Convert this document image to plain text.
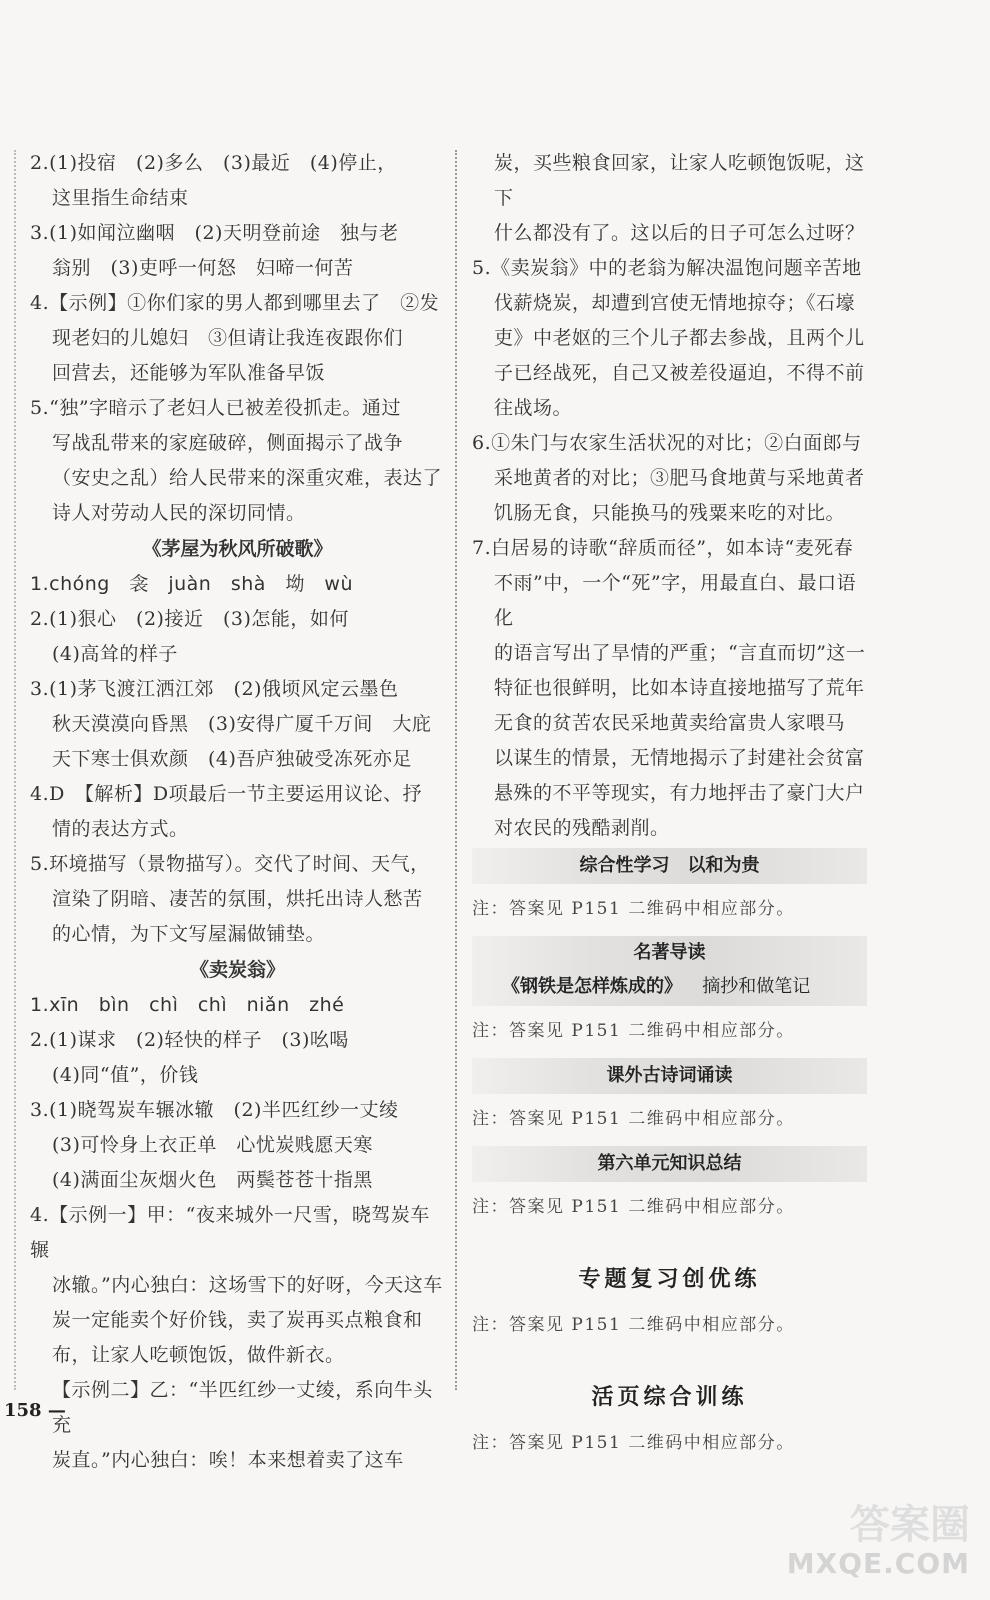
2.(1)投宿　(2)多么　(3)最近　(4)停止，

这里指生命结束

3.(1)如闻泣幽咽　(2)天明登前途　独与老

翁别　(3)吏呼一何怒　妇啼一何苦

4.【示例】①你们家的男人都到哪里去了　②发

现老妇的儿媳妇　③但请让我连夜跟你们

回营去，还能够为军队准备早饭

5.“独”字暗示了老妇人已被差役抓走。通过

写战乱带来的家庭破碎，侧面揭示了战争

（安史之乱）给人民带来的深重灾难，表达了

诗人对劳动人民的深切同情。

《茅屋为秋风所破歌》

1.chóng　衾　juàn　shà　坳　wù

2.(1)狠心　(2)接近　(3)怎能，如何

(4)高耸的样子

3.(1)茅飞渡江洒江郊　(2)俄顷风定云墨色

秋天漠漠向昏黑　(3)安得广厦千万间　大庇

天下寒士俱欢颜　(4)吾庐独破受冻死亦足

4.D　【解析】D项最后一节主要运用议论、抒

情的表达方式。

5.环境描写（景物描写）。交代了时间、天气，

渲染了阴暗、凄苦的氛围，烘托出诗人愁苦

的心情，为下文写屋漏做铺垫。

《卖炭翁》

1.xīn　bìn　chì　chì　niǎn　zhé

2.(1)谋求　(2)轻快的样子　(3)吆喝

(4)同“值”，价钱

3.(1)晓驾炭车辗冰辙　(2)半匹红纱一丈绫

(3)可怜身上衣正单　心忧炭贱愿天寒

(4)满面尘灰烟火色　两鬓苍苍十指黑

4.【示例一】甲：“夜来城外一尺雪，晓驾炭车辗

冰辙。”内心独白：这场雪下的好呀，今天这车

炭一定能卖个好价钱，卖了炭再买点粮食和

布，让家人吃顿饱饭，做件新衣。

【示例二】乙：“半匹红纱一丈绫，系向牛头充

炭直。”内心独白：唉！本来想着卖了这车

炭，买些粮食回家，让家人吃顿饱饭呢，这下

什么都没有了。这以后的日子可怎么过呀？

5.《卖炭翁》中的老翁为解决温饱问题辛苦地

伐薪烧炭，却遭到宫使无情地掠夺；《石壕

吏》中老妪的三个儿子都去参战，且两个儿

子已经战死，自己又被差役逼迫，不得不前

往战场。

6.①朱门与农家生活状况的对比；②白面郎与

采地黄者的对比；③肥马食地黄与采地黄者

饥肠无食，只能换马的残粟来吃的对比。

7.白居易的诗歌“辞质而径”，如本诗“麦死春

不雨”中，一个“死”字，用最直白、最口语化

的语言写出了旱情的严重；“言直而切”这一

特征也很鲜明，比如本诗直接地描写了荒年

无食的贫苦农民采地黄卖给富贵人家喂马

以谋生的情景，无情地揭示了封建社会贫富

悬殊的不平等现实，有力地抨击了豪门大户

对农民的残酷剥削。

综合性学习　以和为贵

注：答案见 P151 二维码中相应部分。

名著导读
《钢铁是怎样炼成的》 摘抄和做笔记

注：答案见 P151 二维码中相应部分。

课外古诗词诵读

注：答案见 P151 二维码中相应部分。

第六单元知识总结

注：答案见 P151 二维码中相应部分。

专题复习创优练

注：答案见 P151 二维码中相应部分。

活页综合训练

注：答案见 P151 二维码中相应部分。

158 —
答案圈
MXQE.COM
